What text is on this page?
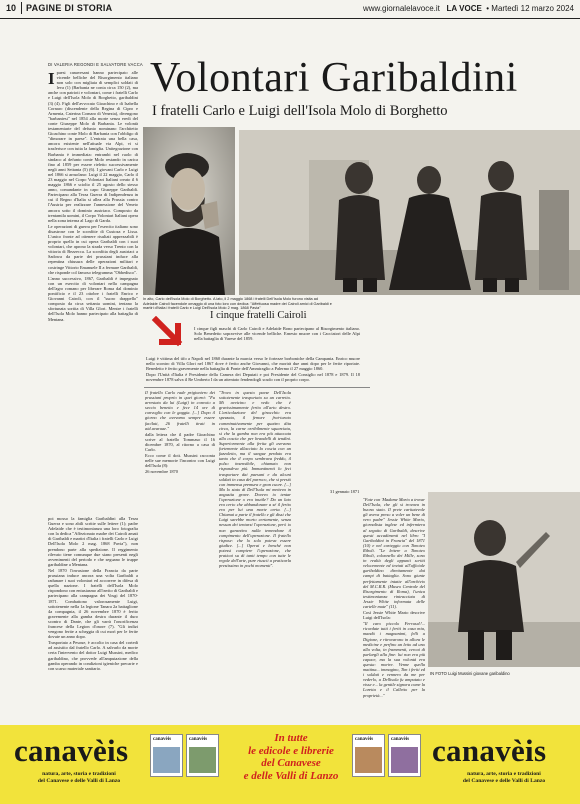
10 PAGINE DI STORIA	www.giornalelavoce.it LA VOCE  • Martedì 12 marzo 2024
DI VALERIA REGONDI E SALVATORE VACCA Volontari Garibaldini
I fratelli Carlo e Luigi dell'Isola Molo di Borghetto
I paesi canavesani hanno partecipato alle vicende belliche del Risorgimento italiano non solo con migliaia di semplici soldati di leva (1) (Barbania ne conta circa 150 (2), ma anche con patrioti e volontari, come i fratelli Carlo e Luigi dell'Isola Molo di Borghetto, garibaldini (3) (4). Figli dell'avvocato Gioachino e di Isabella Cornaro (discendente della Regina di Cipro e Armenia, Caterina Cornaro di Venezia), divengono "barbaniesi" nel 1854 alla morte senza eredi del conte Giuseppe Molo di Barbania. Le volontà testamentarie del defunto nominano l'architetto Gioachino conte Molo di Barbania con l'obbligo di "dimorare in paese". L'entrata una bella casa, ancora esistente nell'attuale via Alpi, vi si trasferisce con tutta la famiglia. Unitegrazione con Barbania è immediata: entrambi nel ruolo di sindaco al defunto conte Molo restando in carica fino al 1859 per essere rieletto successivamente negli anni Settanta (5) (6). I giovani Carlo e Luigi nel 1866 si arruolano: Luigi il 22 maggio, Carlo il 23 maggio nel Corpo Volontari Italiani creato il 6 maggio 1866 e sciolto il 25 agosto dello stesso anno, comandante in capo Giuseppe Garibaldi. Partecipano alla Terza Guerra di Indipendenza in cui il Regno d'Italia si allea alla Prussia contro l'Austria per realizzare l'annessione del Veneto ancora sotto il dominio austriaco. Composto da trentamila uomini, il Corpo Volontari Italiani opera nella zona interna al Lago di Garda.

Le operazioni di guerra per l'esercito italiano sono disastrose con le sconfitte di Custoza e Lissa. L'unico fronte ad ottenere risultati apprezzabili è proprio quello in cui opera Garibaldi con i suoi volontari, che aprono la strada verso Trento con la vittoria di Bezzecca. La sconfitta degli austriaci a Sadowa da parte dei prussiani induce alla repentina chiusura delle operazioni militari e costringe Vittorio Emanuele II a fermare Garibaldi, che risponde col famoso telegramma "Obbedisco".

L'anno successivo, 1867, Garibaldi è impegnato con un esercito di volontari nella campagna dell'agro romano per liberare Roma dal dominio pontificio e il 23 ottobre i fratelli Enrico e Giovanni Cairoli, con il "suoro drappello" composto da circa settanta uomini, tentano la sfortunata sortita di Villa Glori. Mentre i fratelli dell'Isola Molo hanno partecipato alla battaglia di Mentana.

poi mosso la famiglia Garibaldini alla Terza Guerra e sono abili scritte sulle lettere (1); padre Adelaide che è testimonianza una loro fotografia con la dedica "Affezionato madre dei Cairoli amati di Garibaldi e martiri d'Italia i fratelli Carlo e Luigi Dell'Isola Molo 2 mag. 1868 Pavia"), non prendono parte alla spedizione. Il reggimento rilevato tiene comunque due siano presenti negli avvenimenti del periodo e che seguano le truppe garibaldine a Mentana.

Nel 1870 l'invasione della Francia da parte prussiana induce ancora una volta Garibaldi a radunare i suoi volontari ed accorrere in difesa di quella nazione. I fratelli dell'Isola Molo rispondono con entusiasmo all'invito di Garibaldi e partecipano alla campagna dei Vosgi del 1870-1871. Combattono valorosamente Luigi, sottotenente nella 1a legione Tanara 2a battaglione 4a compagnia, il 26 novembre 1870 è ferito gravemente alla gamba destra durante il duro scontro di Dante, che gli varrà l'onorificenza francese della Legion d'onore (7). "Gli indizi vengono ferite a scheggia di cui morì per le ferite dovute un anno dopo.

Trasportato a Pesoue, è accolto in casa del cortedi ad assistito dal fratello Carlo. A salvarlo da morte certa l'intervento del dottor Luigi Mussini, medico garibaldino, che provvede all'amputazione della gamba operando in condizioni igieniche precarie e con scarso materiale sanitario.

In alto, Carlo dell'Isola Molo di Borghetto. A lato, il 2 maggio 1868 i fratelli Dell'Isola Molo furono visita ad Adelaide Cairoli facendole omaggio di una foto loro con dedica: "Affettuosa madre dei Cairoli amici di Garibaldi e martiri d'Italia i fratelli Carlo e Luigi Dell'Isola Molo 2 mag. 1868 Pavia"
I cinque fratelli Cairoli

I cinque figli maschi di Carlo Cairoli e Adelaide Bono partecipano al Risorgimento italiano. Solo Benedetto sopravvive alle vicende belliche. Ernesto muore con i Cacciatori delle Alpi nella battaglia di Varese del 1859.

Luigi è vittima del tifo a Napoli nel 1860 durante la marcia verso le fortezze borboniche della Campania. Enrico muore nello scontro di Villa Glori nel 1867 dove è ferito anche Giovanni, che morirà due anni dopo per le ferite riportate. Benedetto è ferito gravemente nella battaglia di Ponte dell'Ammiraglio a Palermo il 27 maggio 1860.

Dopo l'Unità d'Italia è Presidente della Camera dei Deputati e poi Presidente del Consiglio nel 1878 e 1879. Il 18 novembre 1878 salva il Re Umberto I da un attentato fendendogli scudo con il proprio corpo.

Il fratello Carlo rade prigioniero dei prussiani proprio in quei giorni: "Fu arrestato da lui (Luigi) in convoio a seccio benetto e fece 14 ore di convoglio con le gaggia. [...] Dopo il giorno che avevamo sempre essere facilati, 26 fratelli tirati in aid.avaraae."

dalla lettera che il padre Gioachino scrive al fratello Tommaso il 16 dicembre 1870, al ritorno a casa di Carlo.

Ecco come il dott. Mussini racconta nelle sue memorie l'incontro con Luigi dell'Isola (8):

26 novembre 1870

"Trovo in questo paese Dell'Isola sottotenente trasportato su un carretto. Mi avvicino e vedo che è gravissimamente ferito all'arto destro. L'articolazione del ginocchio era spezzata, il femore frat-turato comminutivamente per quattro dita circa, la carne orribilmente squarciata, si che la gamba non era più attaccata alla coscia che per brandelli di tendini. Superiormente alla ferita gli avevano fortemente allacciato la coscia con un fazzoletto, ma il sangue perduto era tanto che il corpo sembrava freddo, il polso insensibile, chiamato non rispondeva più. Immantinenti lo feci trasportare dai paesani e da alcuni soldati in casa del parroco, che si prestò con immensa premura e gran cuore. [...] Ma lo stato di Dell'Isola mi metteva in angustia grave. Dovevo io tentar l'operazione o era inutile? Da un lato era certo che abbandonare a sé il ferito era per lui una morte certa. [...] Chiamai a parte il fratello e gli dissi che Luigi sarebbe morto certamente, senza nessun dei tentarsi l'operazione, però io non garantivo nulla temendone il compimento dell'operazione. Il fratello rispose: che lo solo poteva essere giudice. [...] Operai e benché non potessi compiere l'operazione, che praticai su di tanti tempo con tutte le regole dell'arte, pure riuscii a praticarla prestissimo in pochi momenti".

31 gennaio 1871

"Fate con 'Madame Mario a trovar Dell'Isola, che gli si trovava in buono stato. Il prete caritatevole gli aveva preso a voler un bene di vero padre" Jessie White Mario, giornalista inglese ed infermiera al seguito di Garibaldi, descrive questi accadimenti nel libro "I Garibaldini in Francia" del 1871 (10) e nel carteggio con Timoteo Riboli. "Le lettere a Timoteo Riboli, colonnello dei Mille, sono in realtà degli appunti scritti velocemente ed inviati all'ufficiale garibaldino direttamente dai campi di battaglia. Sono giunte perfettamente intatte all'archivio del M.C.R.R. (Museo Centrale del Risorgimento di Roma), l'unica testimonianza rintracciata di Jessie White informata delle cartelle mute" (11).

Così Jessie White Mario descrive Luigi dell'Isola:

"Il caro piccolo Ferrusu!!... ricordate tutti i feriti in casa mia, mandò i magnanimi, felli a Digione, e ritrovarono in allora le medicine e perfino un letto ad uno alla volta, in frammenti, cercai di parlargli alla fine: lui non era più capace, ma la sua volontà era questa: morire. Venne quella mattina... immagino, Tim i feriti ed i soldati e vennero da me per vederlo, a Dellisola fu amputato e visse e... la gentile signora come la Loretta e il Calletto per la proprietà..."

IN FOTO Luigi Mussini giovane garibaldino
canavèis
natura, arte, storia e tradizioni
del Canavese e delle Valli di Lanzo
canavèis	canavèis	In tutte
le edicole e librerie
del Canavese
e delle Valli di Lanzo
canavèis	canavèis canavèis
natura, arte, storia e tradizioni
del Canavese e delle Valli di Lanzo
